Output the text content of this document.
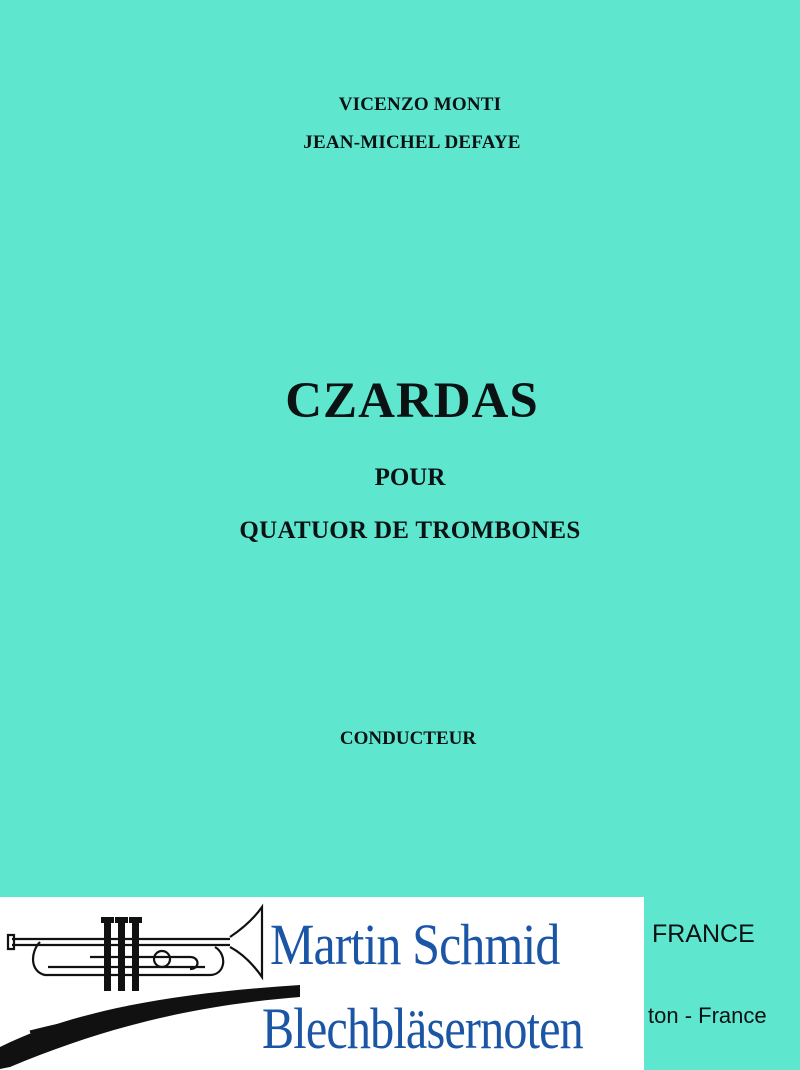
VICENZO MONTI
JEAN-MICHEL DEFAYE
CZARDAS
POUR
QUATUOR DE TROMBONES
CONDUCTEUR
FRANCE
ton - France
Martin Schmid
Blechbläsernoten
